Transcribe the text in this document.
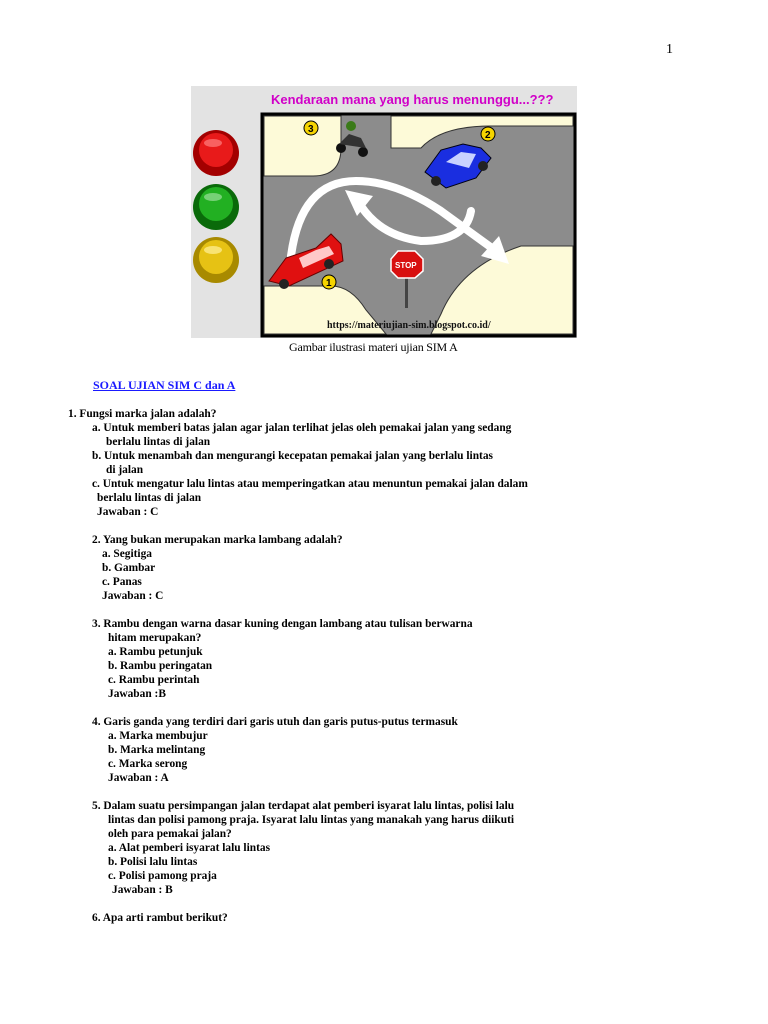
1
Kendaraan mana yang harus menunggu...???
1
2
3
STOP
https://materiujian-sim.blogspot.co.id/
Gambar ilustrasi materi ujian SIM A
SOAL UJIAN SIM C dan A
1. Fungsi marka jalan adalah?
a. Untuk memberi batas jalan agar jalan terlihat jelas oleh pemakai jalan yang sedang
berlalu lintas di jalan
b. Untuk menambah dan mengurangi kecepatan pemakai jalan yang berlalu lintas
di jalan
c. Untuk mengatur lalu lintas atau memperingatkan atau menuntun pemakai jalan dalam
berlalu lintas di jalan
Jawaban : C
2. Yang bukan merupakan marka lambang adalah?
a. Segitiga
b. Gambar
c. Panas
Jawaban : C
3. Rambu dengan warna dasar kuning dengan lambang atau tulisan berwarna
hitam merupakan?
a. Rambu petunjuk
b. Rambu peringatan
c. Rambu perintah
Jawaban :B
4. Garis ganda yang terdiri dari garis utuh dan garis putus-putus termasuk
a. Marka membujur
b. Marka melintang
c. Marka serong
Jawaban : A
5. Dalam suatu persimpangan jalan terdapat alat pemberi isyarat lalu lintas, polisi lalu
lintas dan polisi pamong praja. Isyarat lalu lintas yang manakah yang harus diikuti
oleh para pemakai jalan?
a. Alat pemberi isyarat lalu lintas
b. Polisi lalu lintas
c. Polisi pamong praja
Jawaban : B
6. Apa arti rambut berikut?
